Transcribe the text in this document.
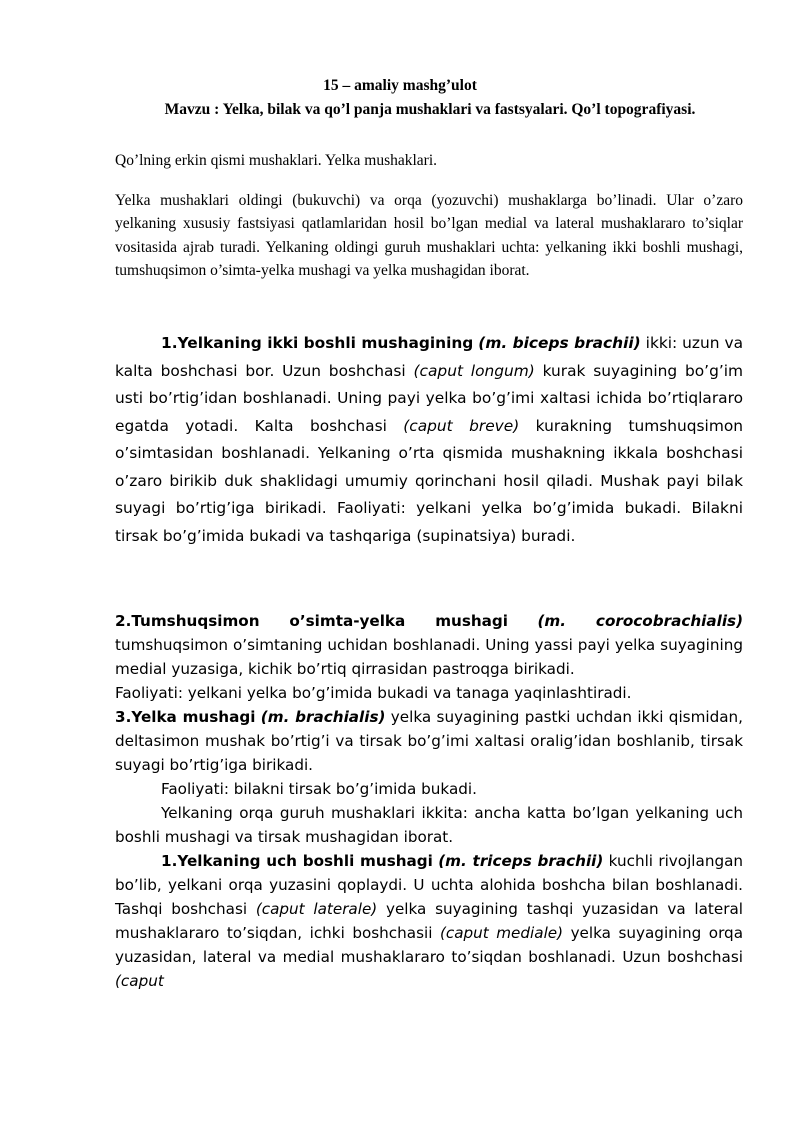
15 – amaliy mashg’ulot
Mavzu : Yelka, bilak va qo’l panja mushaklari va fastsyalari. Qo’l topografiyasi.
Qo’lning erkin qismi mushaklari. Yelka mushaklari.
Yelka mushaklari oldingi (bukuvchi) va orqa (yozuvchi) mushaklarga bo’linadi. Ular o’zaro yelkaning xususiy fastsiyasi qatlamlaridan hosil bo’lgan medial va lateral mushaklararo to’siqlar vositasida ajrab turadi. Yelkaning oldingi guruh mushaklari uchta: yelkaning ikki boshli mushagi, tumshuqsimon o’simta-yelka mushagi va yelka mushagidan iborat.
1.Yelkaning ikki boshli mushagining (m. biceps brachii) ikki: uzun va kalta boshchasi bor. Uzun boshchasi (caput longum) kurak suyagining bo’g’im usti bo’rtig’idan boshlanadi. Uning payi yelka bo’g’imi xaltasi ichida bo’rtiqlararo egatda yotadi. Kalta boshchasi (caput breve) kurakning tumshuqsimon o’simtasidan boshlanadi. Yelkaning o’rta qismida mushakning ikkala boshchasi o’zaro birikib duk shaklidagi umumiy qorinchani hosil qiladi. Mushak payi bilak suyagi bo’rtig’iga birikadi. Faoliyati: yelkani yelka bo’g’imida bukadi. Bilakni tirsak bo’g’imida bukadi va tashqariga (supinatsiya) buradi.
2.Tumshuqsimon o’simta-yelka mushagi (m. corocobrachialis) tumshuqsimon o’simtaning uchidan boshlanadi. Uning yassi payi yelka suyagining medial yuzasiga, kichik bo’rtiq qirrasidan pastroqga birikadi.
Faoliyati: yelkani yelka bo’g’imida bukadi va tanaga yaqinlashtiradi.
3.Yelka mushagi (m. brachialis) yelka suyagining pastki uchdan ikki qismidan, deltasimon mushak bo’rtig’i va tirsak bo’g’imi xaltasi oralig’idan boshlanib, tirsak suyagi bo’rtig’iga birikadi.
Faoliyati: bilakni tirsak bo’g’imida bukadi.
Yelkaning orqa guruh mushaklari ikkita: ancha katta bo’lgan yelkaning uch boshli mushagi va tirsak mushagidan iborat.
1.Yelkaning uch boshli mushagi (m. triceps brachii) kuchli rivojlangan bo’lib, yelkani orqa yuzasini qoplaydi. U uchta alohida boshcha bilan boshlanadi. Tashqi boshchasi (caput laterale) yelka suyagining tashqi yuzasidan va lateral mushaklararo to’siqdan, ichki boshchasii (caput mediale) yelka suyagining orqa yuzasidan, lateral va medial mushaklararo to’siqdan boshlanadi. Uzun boshchasi (caput
